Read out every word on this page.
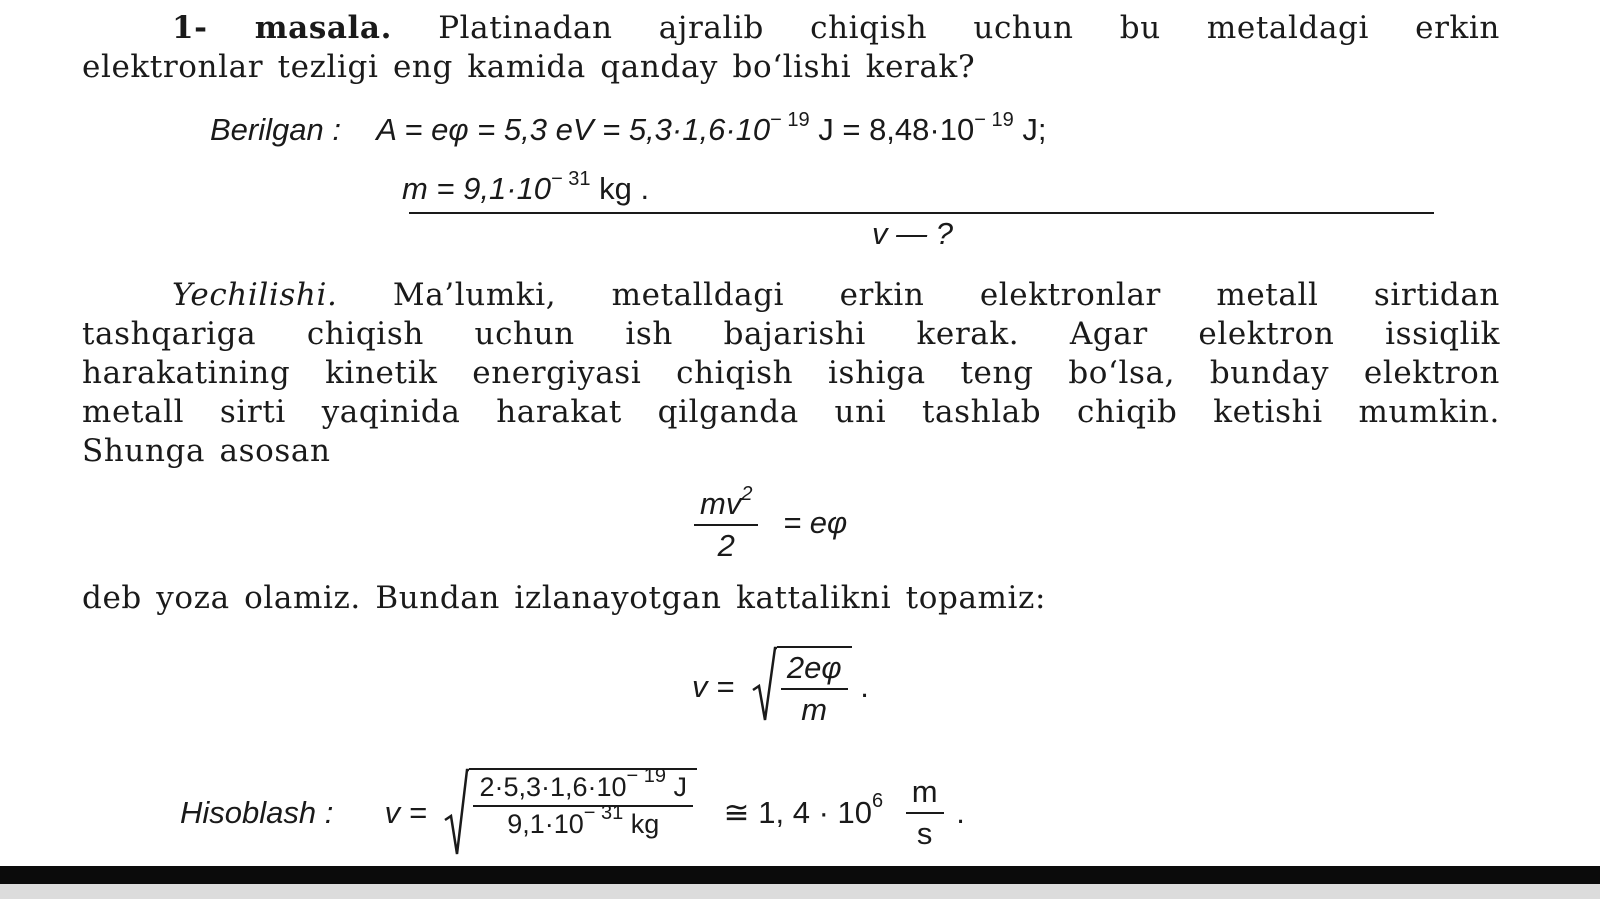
1- masala. Platinadan ajralib chiqish uchun bu metaldagi erkin
elektronlar tezligi eng kamida qanday bo‘lishi kerak?
Berilgan : A = eφ = 5,3 eV = $5,3\cdot 1,6\cdot 10^{- 19}$ $J = 8,48\cdot 10^{- 19}$ J;
$m = 9,1\cdot 10^{- 31}$ kg .
v — ?
Yechilishi. Ma’lumki, metalldagi erkin elektronlar metall sirtidan
tashqariga chiqish uchun ish bajarishi kerak. Agar elektron issiqlik
harakatining kinetik energiyasi chiqish ishiga teng bo‘lsa, bunday elektron
metall sirti yaqinida harakat qilganda uni tashlab chiqib ketishi mumkin.
Shunga asosan
$\frac{mv^2}{2} = e\varphi$
deb yoza olamiz. Bundan izlanayotgan kattalikni topamiz:
$v = \frac{2e\varphi}{m}$ .
Hisoblash : $v = \frac{2\cdot 5,3\cdot 1,6\cdot 10^{- 19} J}{9,1\cdot 10^{- 31} kg}$ ≅ 1, $4 \cdot 10^6 \frac{m}{s}$ .
